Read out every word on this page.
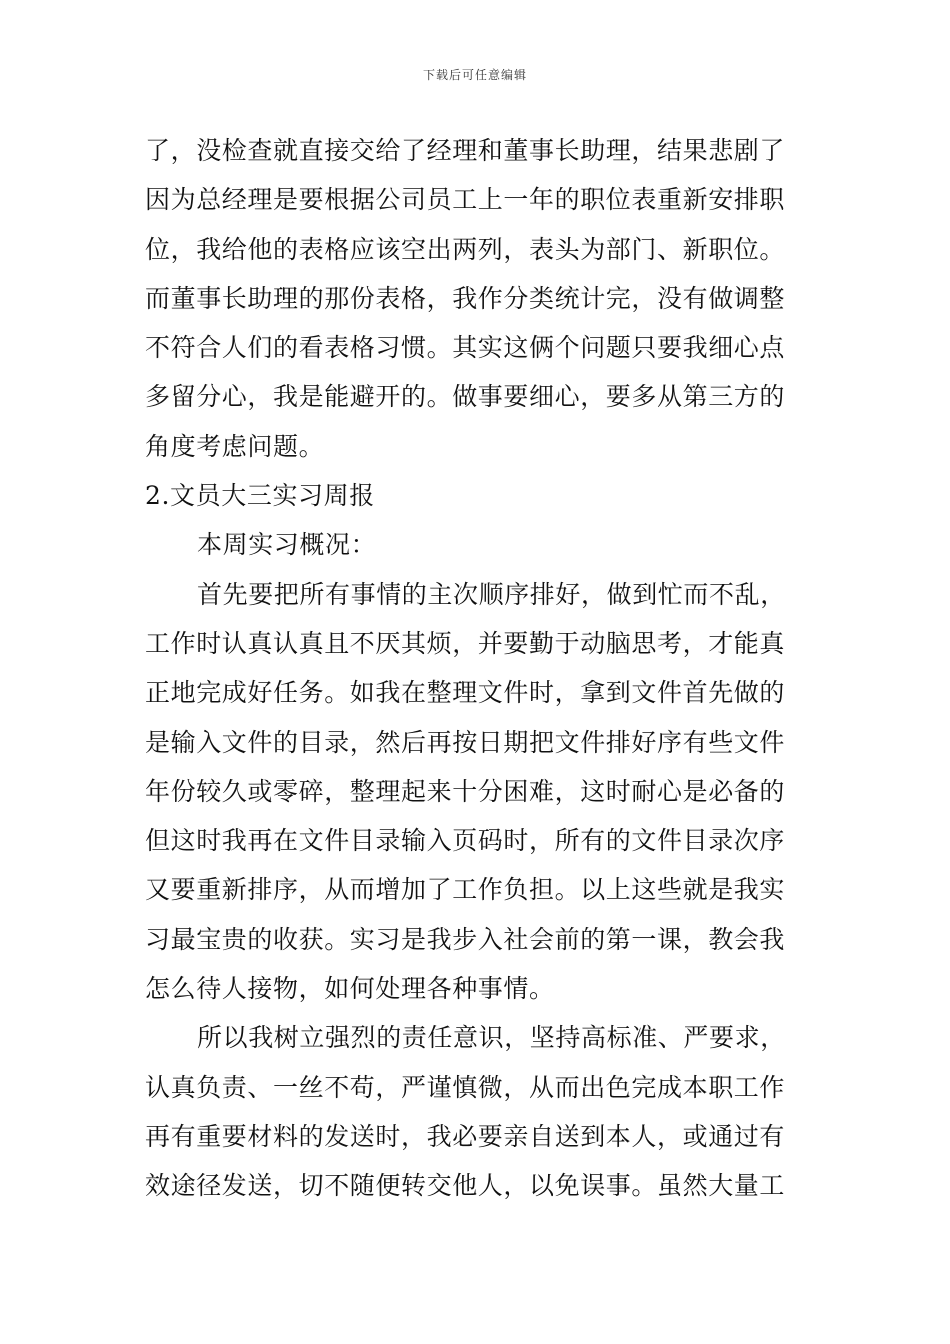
下载后可任意编辑
了，没检查就直接交给了经理和董事长助理，结果悲剧了
因为总经理是要根据公司员工上一年的职位表重新安排职
位，我给他的表格应该空出两列，表头为部门、新职位。
而董事长助理的那份表格，我作分类统计完，没有做调整
不符合人们的看表格习惯。其实这俩个问题只要我细心点
多留分心，我是能避开的。做事要细心，要多从第三方的
角度考虑问题。
2.文员大三实习周报
本周实习概况：
首先要把所有事情的主次顺序排好，做到忙而不乱，
工作时认真认真且不厌其烦，并要勤于动脑思考，才能真
正地完成好任务。如我在整理文件时，拿到文件首先做的
是输入文件的目录，然后再按日期把文件排好序有些文件
年份较久或零碎，整理起来十分困难，这时耐心是必备的
但这时我再在文件目录输入页码时，所有的文件目录次序
又要重新排序，从而增加了工作负担。以上这些就是我实
习最宝贵的收获。实习是我步入社会前的第一课，教会我
怎么待人接物，如何处理各种事情。
所以我树立强烈的责任意识，坚持高标准、严要求，
认真负责、一丝不苟，严谨慎微，从而出色完成本职工作
再有重要材料的发送时，我必要亲自送到本人，或通过有
效途径发送，切不随便转交他人，以免误事。虽然大量工
